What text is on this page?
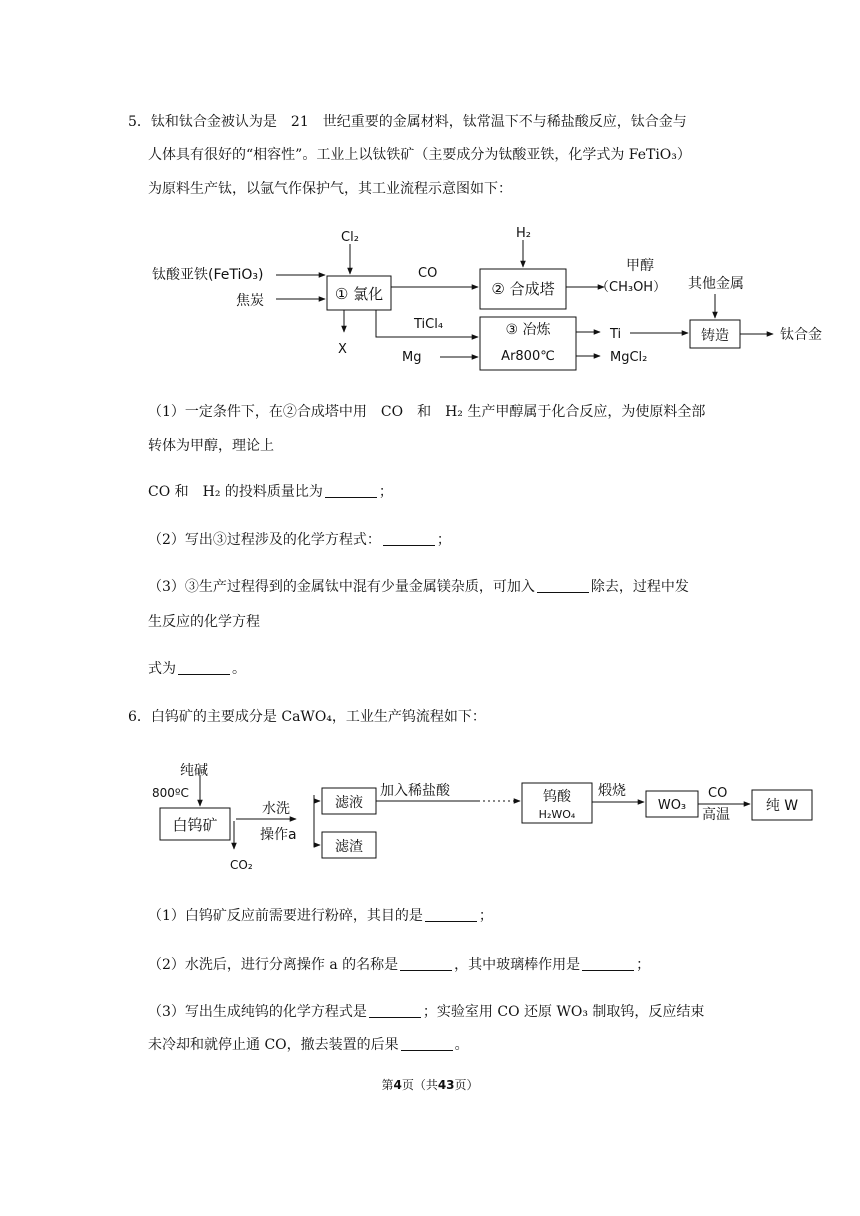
5．钛和钛合金被认为是　21　世纪重要的金属材料，钛常温下不与稀盐酸反应，钛合金与
人体具有很好的“相容性”。工业上以钛铁矿（主要成分为钛酸亚铁，化学式为 FeTiO₃）
为原料生产钛，以氩气作保护气，其工业流程示意图如下：
钛酸亚铁(FeTiO₃)
焦炭
Cl₂
① 氯化
CO
H₂
② 合成塔
甲醇
（CH₃OH）
X
TiCl₄
Mg
③ 冶炼
Ar800℃
Ti
MgCl₂
其他金属
铸造	钛合金
（1）一定条件下，在②合成塔中用　CO　和　H₂ 生产甲醇属于化合反应，为使原料全部
转体为甲醇，理论上
CO 和　H₂ 的投料质量比为	；
（2）写出③过程涉及的化学方程式：	；
（3）③生产过程得到的金属钛中混有少量金属镁杂质，可加入	除去，过程中发
生反应的化学方程
式为	。
6．白钨矿的主要成分是 CaWO₄，工业生产钨流程如下：
纯碱
800ºC
白钨矿
CO₂
水洗
操作a
滤液
滤渣
加入稀盐酸	钨酸
H₂WO₄
煅烧
WO₃
CO
高温
纯 W
（1）白钨矿反应前需要进行粉碎，其目的是	；
（2）水洗后，进行分离操作 a 的名称是	，其中玻璃棒作用是	；
（3）写出生成纯钨的化学方程式是	；实验室用 CO 还原 WO₃ 制取钨，反应结束
未冷却和就停止通 CO，撤去装置的后果	。
第4页（共43页）
